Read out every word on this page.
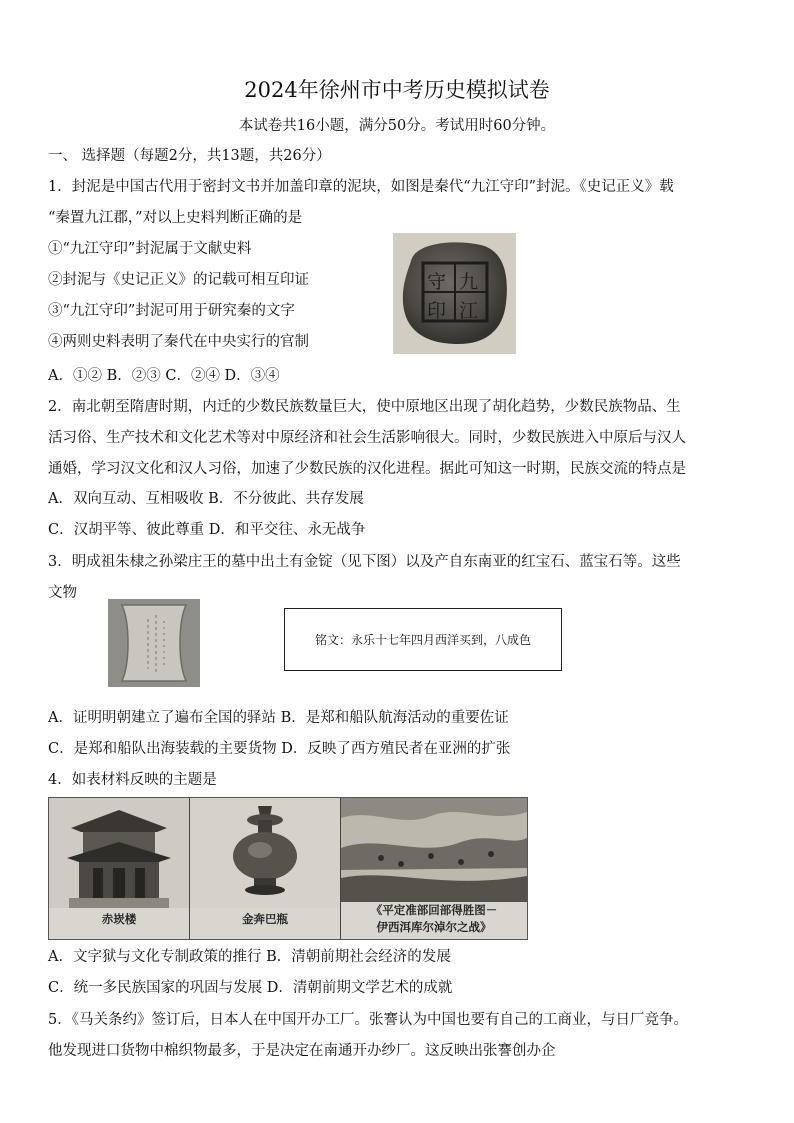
2024年徐州市中考历史模拟试卷
本试卷共16小题，满分50分。考试用时60分钟。
一、 选择题（每题2分，共13题，共26分）
1．封泥是中国古代用于密封文书并加盖印章的泥块，如图是秦代“九江守印”封泥。《史记正义》载
“秦置九江郡，”对以上史料判断正确的是
①“九江守印”封泥属于文献史料
②封泥与《史记正义》的记载可相互印证
③“九江守印”封泥可用于研究秦的文字
④两则史料表明了秦代在中央实行的官制
九
江
守
印
A．①② B．②③ C．②④ D．③④
2．南北朝至隋唐时期，内迁的少数民族数量巨大，使中原地区出现了胡化趋势，少数民族物品、生
活习俗、生产技术和文化艺术等对中原经济和社会生活影响很大。同时，少数民族进入中原后与汉人
通婚，学习汉文化和汉人习俗，加速了少数民族的汉化进程。据此可知这一时期，民族交流的特点是
A．双向互动、互相吸收 B．不分彼此、共存发展
C．汉胡平等、彼此尊重 D．和平交往、永无战争
3．明成祖朱棣之孙梁庄王的墓中出土有金锭（见下图）以及产自东南亚的红宝石、蓝宝石等。这些
文物
铭文：永乐十七年四月西洋买到，八成色
A．证明明朝建立了遍布全国的驿站 B．是郑和船队航海活动的重要佐证
C．是郑和船队出海装载的主要货物 D．反映了西方殖民者在亚洲的扩张
4．如表材料反映的主题是
赤崁楼	金奔巴瓶
《平定准部回部得胜图－
伊西洱库尔淖尔之战》
A．文字狱与文化专制政策的推行 B．清朝前期社会经济的发展
C．统一多民族国家的巩固与发展 D．清朝前期文学艺术的成就
5．《马关条约》签订后，日本人在中国开办工厂。张謇认为中国也要有自己的工商业，与日厂竞争。
他发现进口货物中棉织物最多，于是决定在南通开办纱厂。这反映出张謇创办企
